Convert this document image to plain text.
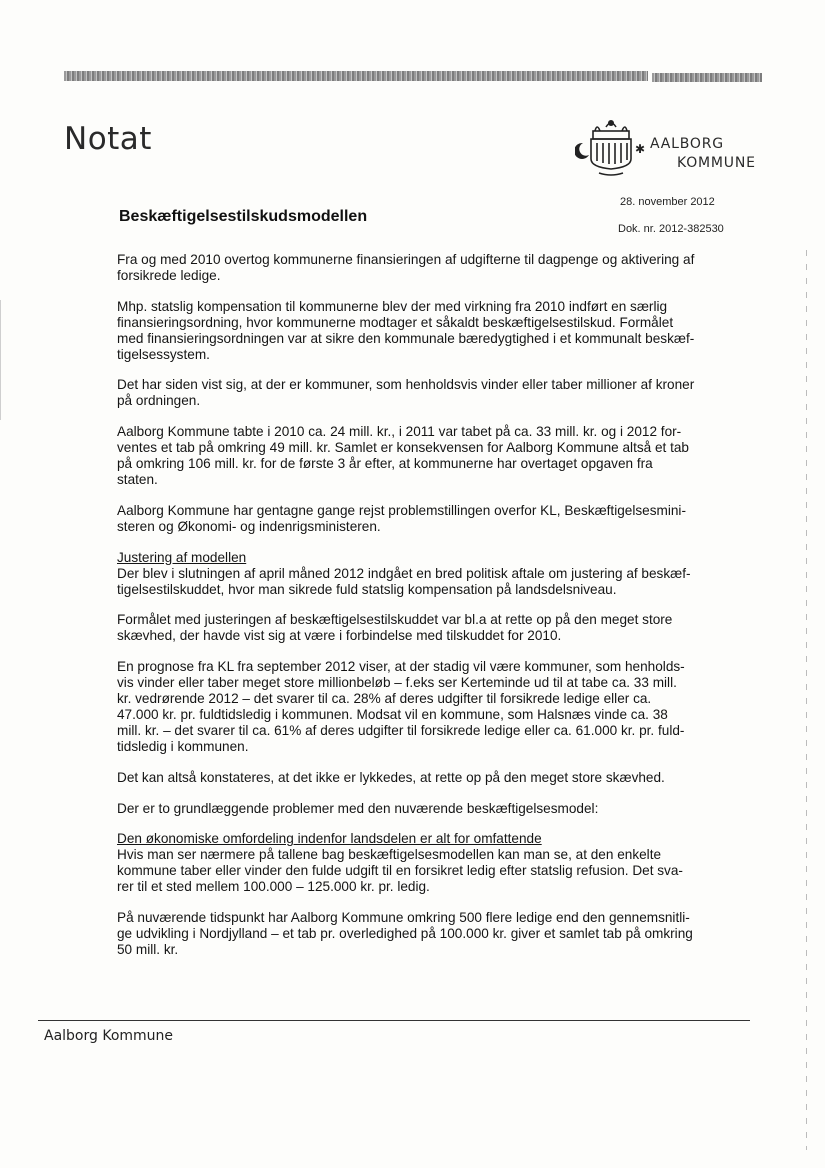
Notat	✱ AALBORG
KOMMUNE
28. november 2012
Dok. nr. 2012-382530
Beskæftigelsestilskudsmodellen

Fra og med 2010 overtog kommunerne finansieringen af udgifterne til dagpenge og aktivering af
forsikrede ledige.

Mhp. statslig kompensation til kommunerne blev der med virkning fra 2010 indført en særlig
finansieringsordning, hvor kommunerne modtager et såkaldt beskæftigelsestilskud. Formålet
med finansieringsordningen var at sikre den kommunale bæredygtighed i et kommunalt beskæf-
tigelsessystem.

Det har siden vist sig, at der er kommuner, som henholdsvis vinder eller taber millioner af kroner
på ordningen.

Aalborg Kommune tabte i 2010 ca. 24 mill. kr., i 2011 var tabet på ca. 33 mill. kr. og i 2012 for-
ventes et tab på omkring 49 mill. kr. Samlet er konsekvensen for Aalborg Kommune altså et tab
på omkring 106 mill. kr. for de første 3 år efter, at kommunerne har overtaget opgaven fra
staten.

Aalborg Kommune har gentagne gange rejst problemstillingen overfor KL, Beskæftigelsesmini-
steren og Økonomi- og indenrigsministeren.

Justering af modellen
Der blev i slutningen af april måned 2012 indgået en bred politisk aftale om justering af beskæf-
tigelsestilskuddet, hvor man sikrede fuld statslig kompensation på landsdelsniveau.

Formålet med justeringen af beskæftigelsestilskuddet var bl.a at rette op på den meget store
skævhed, der havde vist sig at være i forbindelse med tilskuddet for 2010.

En prognose fra KL fra september 2012 viser, at der stadig vil være kommuner, som henholds-
vis vinder eller taber meget store millionbeløb – f.eks ser Kerteminde ud til at tabe ca. 33 mill.
kr. vedrørende 2012 – det svarer til ca. 28% af deres udgifter til forsikrede ledige eller ca.
47.000 kr. pr. fuldtidsledig i kommunen. Modsat vil en kommune, som Halsnæs vinde ca. 38
mill. kr. – det svarer til ca. 61% af deres udgifter til forsikrede ledige eller ca. 61.000 kr. pr. fuld-
tidsledig i kommunen.

Det kan altså konstateres, at det ikke er lykkedes, at rette op på den meget store skævhed.

Der er to grundlæggende problemer med den nuværende beskæftigelsesmodel:

Den økonomiske omfordeling indenfor landsdelen er alt for omfattende
Hvis man ser nærmere på tallene bag beskæftigelsesmodellen kan man se, at den enkelte
kommune taber eller vinder den fulde udgift til en forsikret ledig efter statslig refusion. Det sva-
rer til et sted mellem 100.000 – 125.000 kr. pr. ledig.

På nuværende tidspunkt har Aalborg Kommune omkring 500 flere ledige end den gennemsnitli-
ge udvikling i Nordjylland – et tab pr. overledighed på 100.000 kr. giver et samlet tab på omkring
50 mill. kr.

Aalborg Kommune
